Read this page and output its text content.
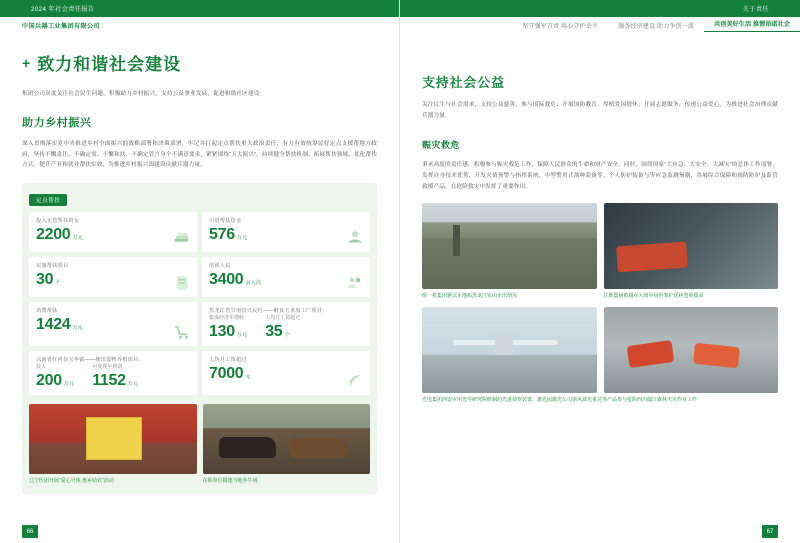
2024 年社会责任报告
中国兵器工业集团有限公司
+ 致力和谐社会建设
集团公司高度关注社会民生问题，积极助力乡村振兴，支持公益事业发展，促进和谐社区建设。
助力乡村振兴
深入贯彻落实党中央推进乡村全面振兴的战略部署和决策部署，牢记并扛起定点帮扶重大政治责任，有力有效统筹民好定点支援帮地方政府，坚持不懈责任、不确定需、不懈和扶、不确定管言身个不满意要求，紧紧围绕“五大振兴”，持续健全帮扶机制、拓展帮扶领域、优化帮扶方式，提升产业和就业帮扶实效，为推进乡村振兴固建设贡献兵器力量。
定点帮扶
投入无偿帮扶资金
2200 万元
引进帮扶资金
576 万元
实施帮扶项目
30 个
培训人员
3400 余人次
消费帮扶
1424 万元
黑龙江省甘南县兴民村——鲜食玉米加工厂项目：
集体经济年增收
130 万元
人均月工资超过
35 个
云南省红河县宝华镇——楼田蛋鸭养殖项目：
投入
200 万元
可变现年利润
1152 万元
人均月工资超过
7000 元
辽宁医团开展“爱心号体 惠乡助农”活动	在陕单位援建当地养牛场
66
关于责任
坚守强军首责 用心守护幸平	服务经济建设 助力争创一流	共创美好生活 推情昂诺社会
支持社会公益
关注民生与社会需求，支持公益慈善，参与国际救危；开展国防教育、厚植爱国情怀；开展志愿服务，传递公益爱心，为推进社会治理贡献兵器力量。
赈灾救危
秉承高度的责任感，积极参与赈灾救危工作，保障人民群众的生命和财产安全。同时，围绕国家“大应急、大安全、大减灾”的总体工作部署，发挥自身技术优势，开发火情预警与指挥系统、中型警用式战种装备等，个人防护装备与等应急监测预器，各展综合保障和预防防护及监管救援产品，在抢险救灾中发挥了重要作用。
组一机集团驰式车地拓黑龙江密山市汛情灾	江淮集团救援在大雨中用担架护送林苍苑援命
光电集团西安应用光学研究院研制的先进侦察装置、激光园激光公司第风波光重达等产品参与抢险四川鄢江森林火灾作业工作
67
